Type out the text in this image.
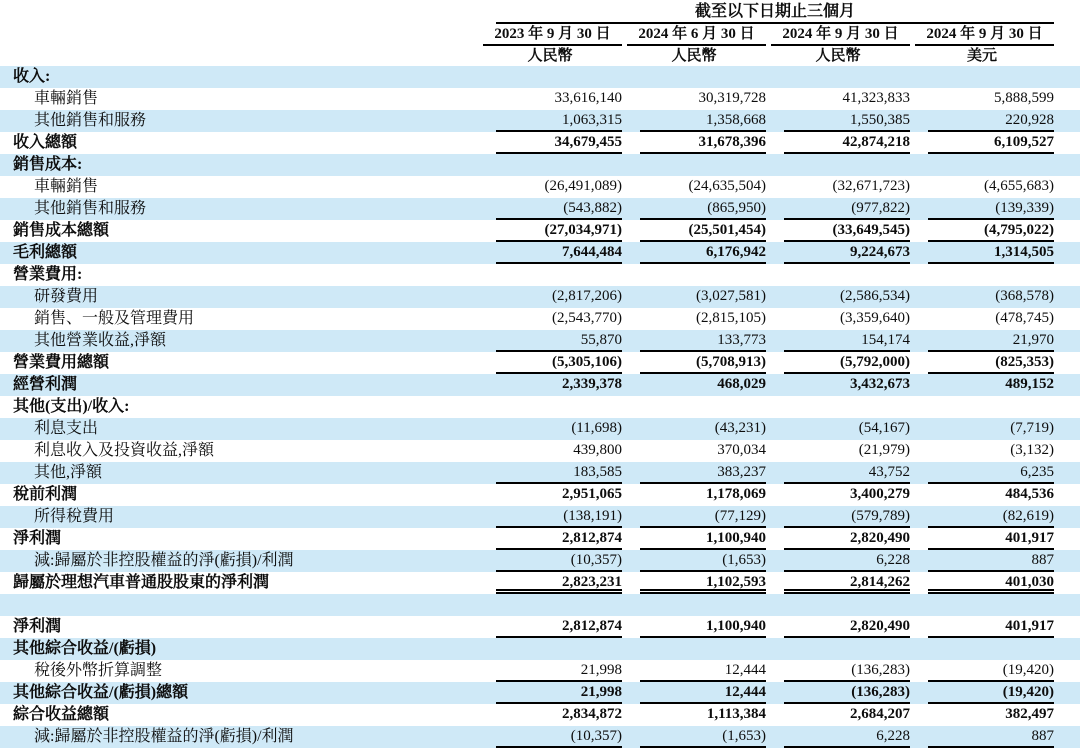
	截至以下日期止三個月			

	2023 年 9 月 30 日	2024 年 6 月 30 日	2024 年 9 月 30 日	2024 年 9 月 30 日

	人民幣	人民幣	人民幣	美元

收入:				

車輛銷售	33,616,140	30,319,728	41,323,833	5,888,599

其他銷售和服務	1,063,315	1,358,668	1,550,385	220,928

收入總額	34,679,455	31,678,396	42,874,218	6,109,527

銷售成本:				

車輛銷售	(26,491,089)	(24,635,504)	(32,671,723)	(4,655,683)

其他銷售和服務	(543,882)	(865,950)	(977,822)	(139,339)

銷售成本總額	(27,034,971)	(25,501,454)	(33,649,545)	(4,795,022)

毛利總額	7,644,484	6,176,942	9,224,673	1,314,505

營業費用:				

研發費用	(2,817,206)	(3,027,581)	(2,586,534)	(368,578)

銷售、一般及管理費用	(2,543,770)	(2,815,105)	(3,359,640)	(478,745)

其他營業收益,淨額	55,870	133,773	154,174	21,970

營業費用總額	(5,305,106)	(5,708,913)	(5,792,000)	(825,353)

經營利潤	2,339,378	468,029	3,432,673	489,152

其他(支出)/收入:				

利息支出	(11,698)	(43,231)	(54,167)	(7,719)

利息收入及投資收益,淨額	439,800	370,034	(21,979)	(3,132)

其他,淨額	183,585	383,237	43,752	6,235

稅前利潤	2,951,065	1,178,069	3,400,279	484,536

所得稅費用	(138,191)	(77,129)	(579,789)	(82,619)

淨利潤	2,812,874	1,100,940	2,820,490	401,917

減:歸屬於非控股權益的淨(虧損)/利潤	(10,357)	(1,653)	6,228	887

歸屬於理想汽車普通股股東的淨利潤	2,823,231	1,102,593	2,814,262	401,030

淨利潤	2,812,874	1,100,940	2,820,490	401,917

其他綜合收益/(虧損)				

稅後外幣折算調整	21,998	12,444	(136,283)	(19,420)

其他綜合收益/(虧損)總額	21,998	12,444	(136,283)	(19,420)

綜合收益總額	2,834,872	1,113,384	2,684,207	382,497

減:歸屬於非控股權益的淨(虧損)/利潤	(10,357)	(1,653)	6,228	887
